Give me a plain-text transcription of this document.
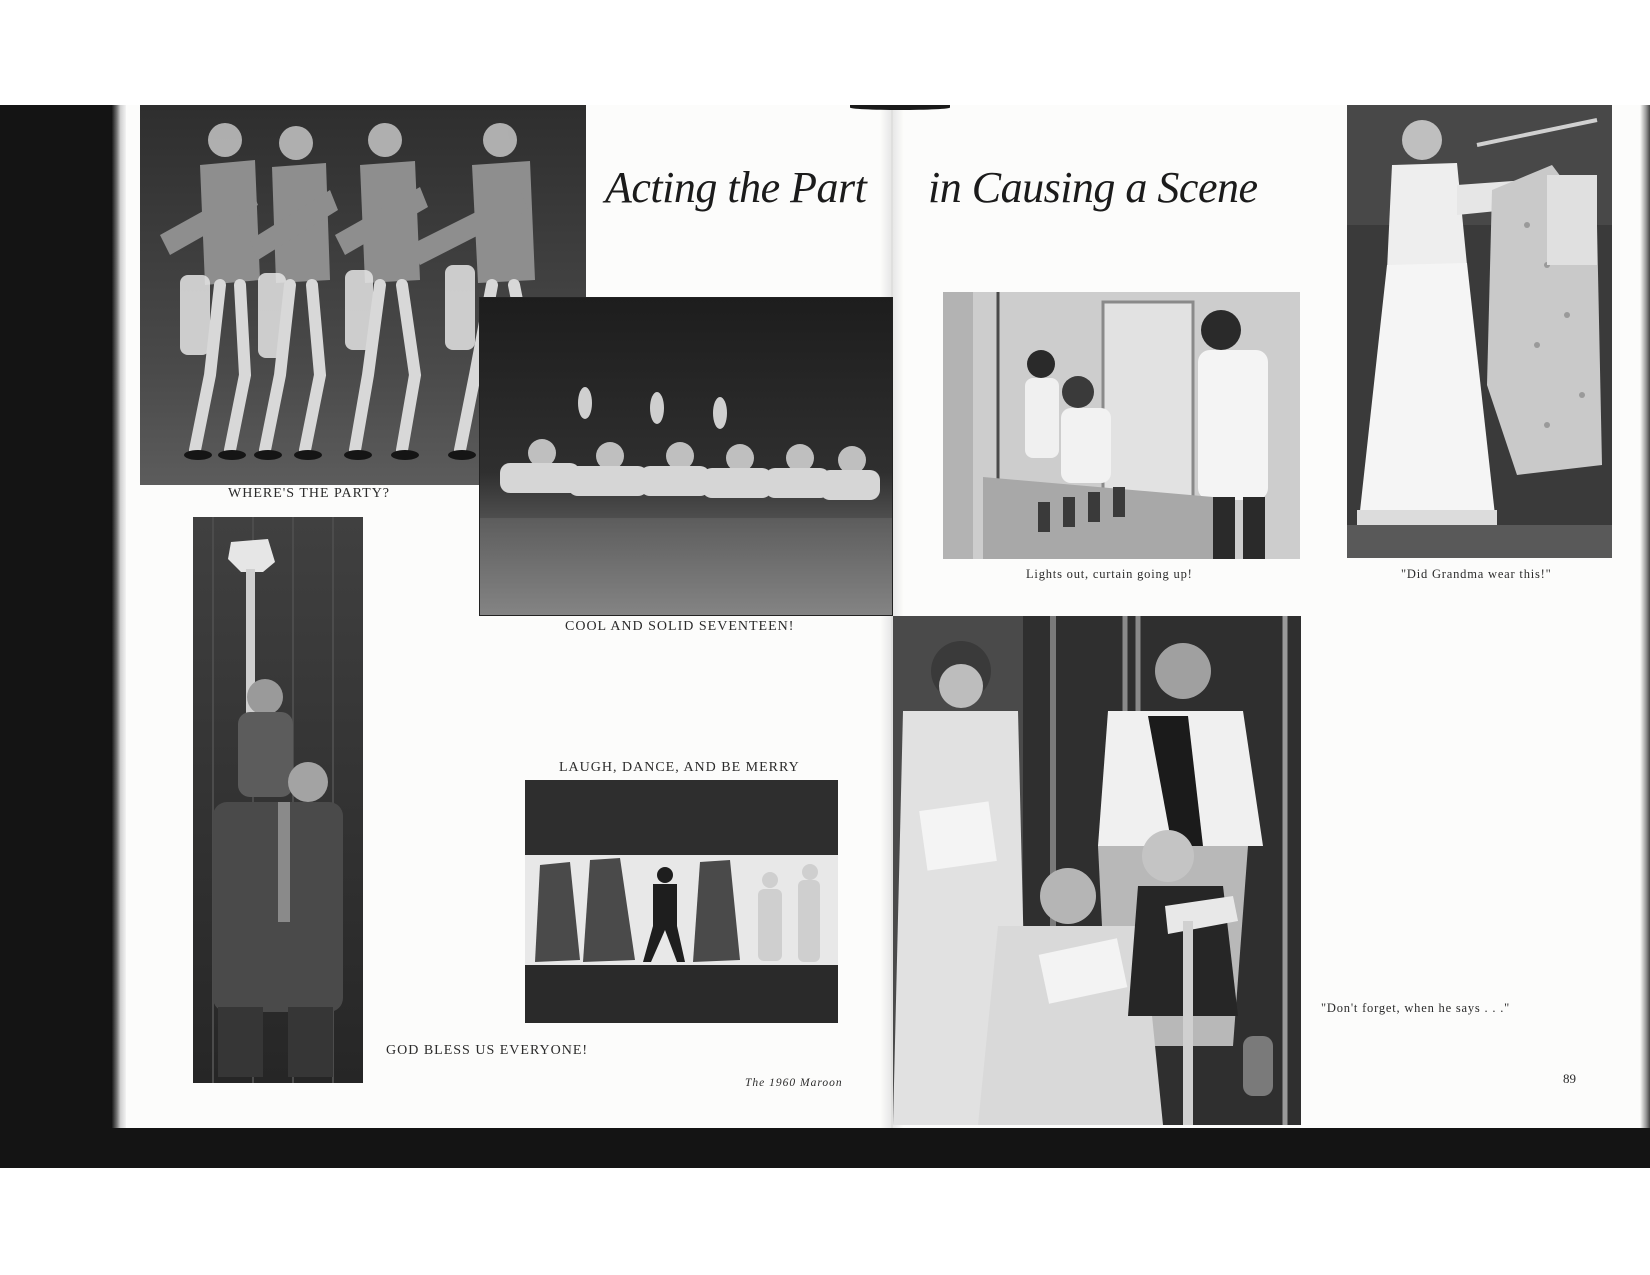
Acting the Part in Causing a Scene
WHERE'S THE PARTY?
COOL AND SOLID SEVENTEEN!
GOD BLESS US EVERYONE!
LAUGH, DANCE, AND BE MERRY
Lights out, curtain going up!	"Did Grandma wear this!"
"Don't forget, when he says . . ."
The 1960 Maroon	89
